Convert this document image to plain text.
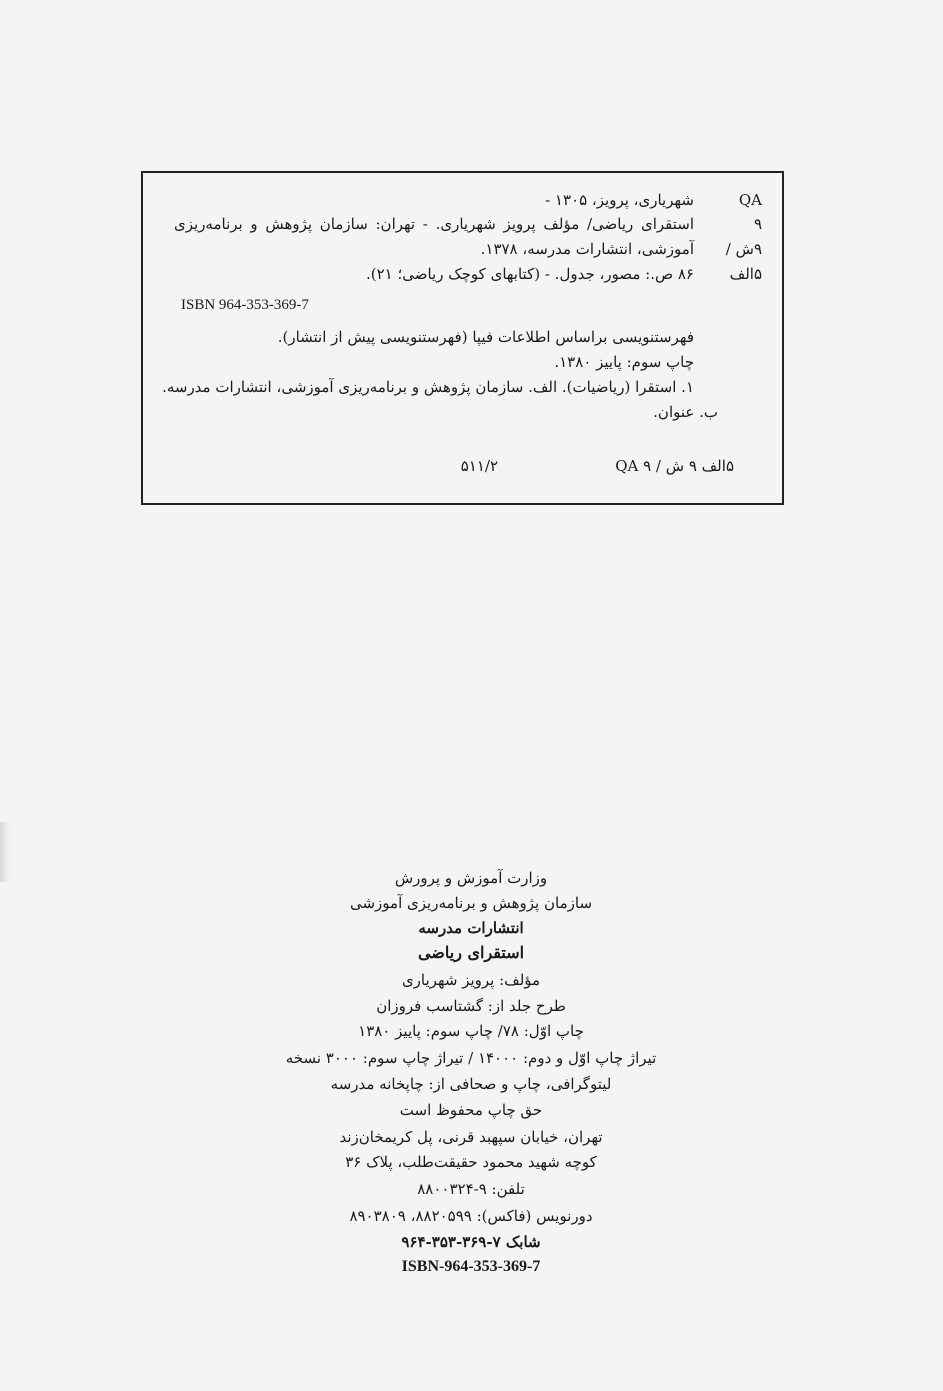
QA
۹
۹ش /
۵الف
شهریاری، پرویز، ۱۳۰۵ -
استقرای ریاضی/ مؤلف پرویز شهریاری. - تهران: سازمان پژوهش و برنامه‌ریزی
آموزشی، انتشارات مدرسه، ۱۳۷۸.
۸۶ ص.: مصور، جدول. - (کتابهای کوچک ریاضی؛ ۲۱).
ISBN 964-353-369-7
فهرستنویسی براساس اطلاعات فیپا (فهرستنویسی پیش از انتشار).
چاپ سوم: پاییز ۱۳۸۰.
۱. استقرا (ریاضیات). الف. سازمان پژوهش و برنامه‌ریزی آموزشی، انتشارات مدرسه.
ب. عنوان.
۵الف ۹ ش / QA ۹
۵۱۱/۲
وزارت آموزش و پرورش
سازمان پژوهش و برنامه‌ریزی آموزشی
انتشارات مدرسه
استقرای ریاضی
مؤلف: پرویز شهریاری
طرح جلد از: گشتاسب فروزان
چاپ اوّل: ۷۸/ چاپ سوم: پاییز ۱۳۸۰
تیراژ چاپ اوّل و دوم: ۱۴۰۰۰ / تیراژ چاپ سوم: ۳۰۰۰ نسخه
لیتوگرافی، چاپ و صحافی از: چاپخانه مدرسه
حق چاپ محفوظ است
تهران، خیابان سپهبد قرنی، پل کریمخان‌زند
کوچه شهید محمود حقیقت‌طلب، پلاک ۳۶
تلفن: ۹-۸۸۰۰۳۲۴
دورنویس (فاکس): ۸۸۲۰۵۹۹، ۸۹۰۳۸۰۹
شابک ۷-۳۶۹-۳۵۳-۹۶۴
ISBN-964-353-369-7
